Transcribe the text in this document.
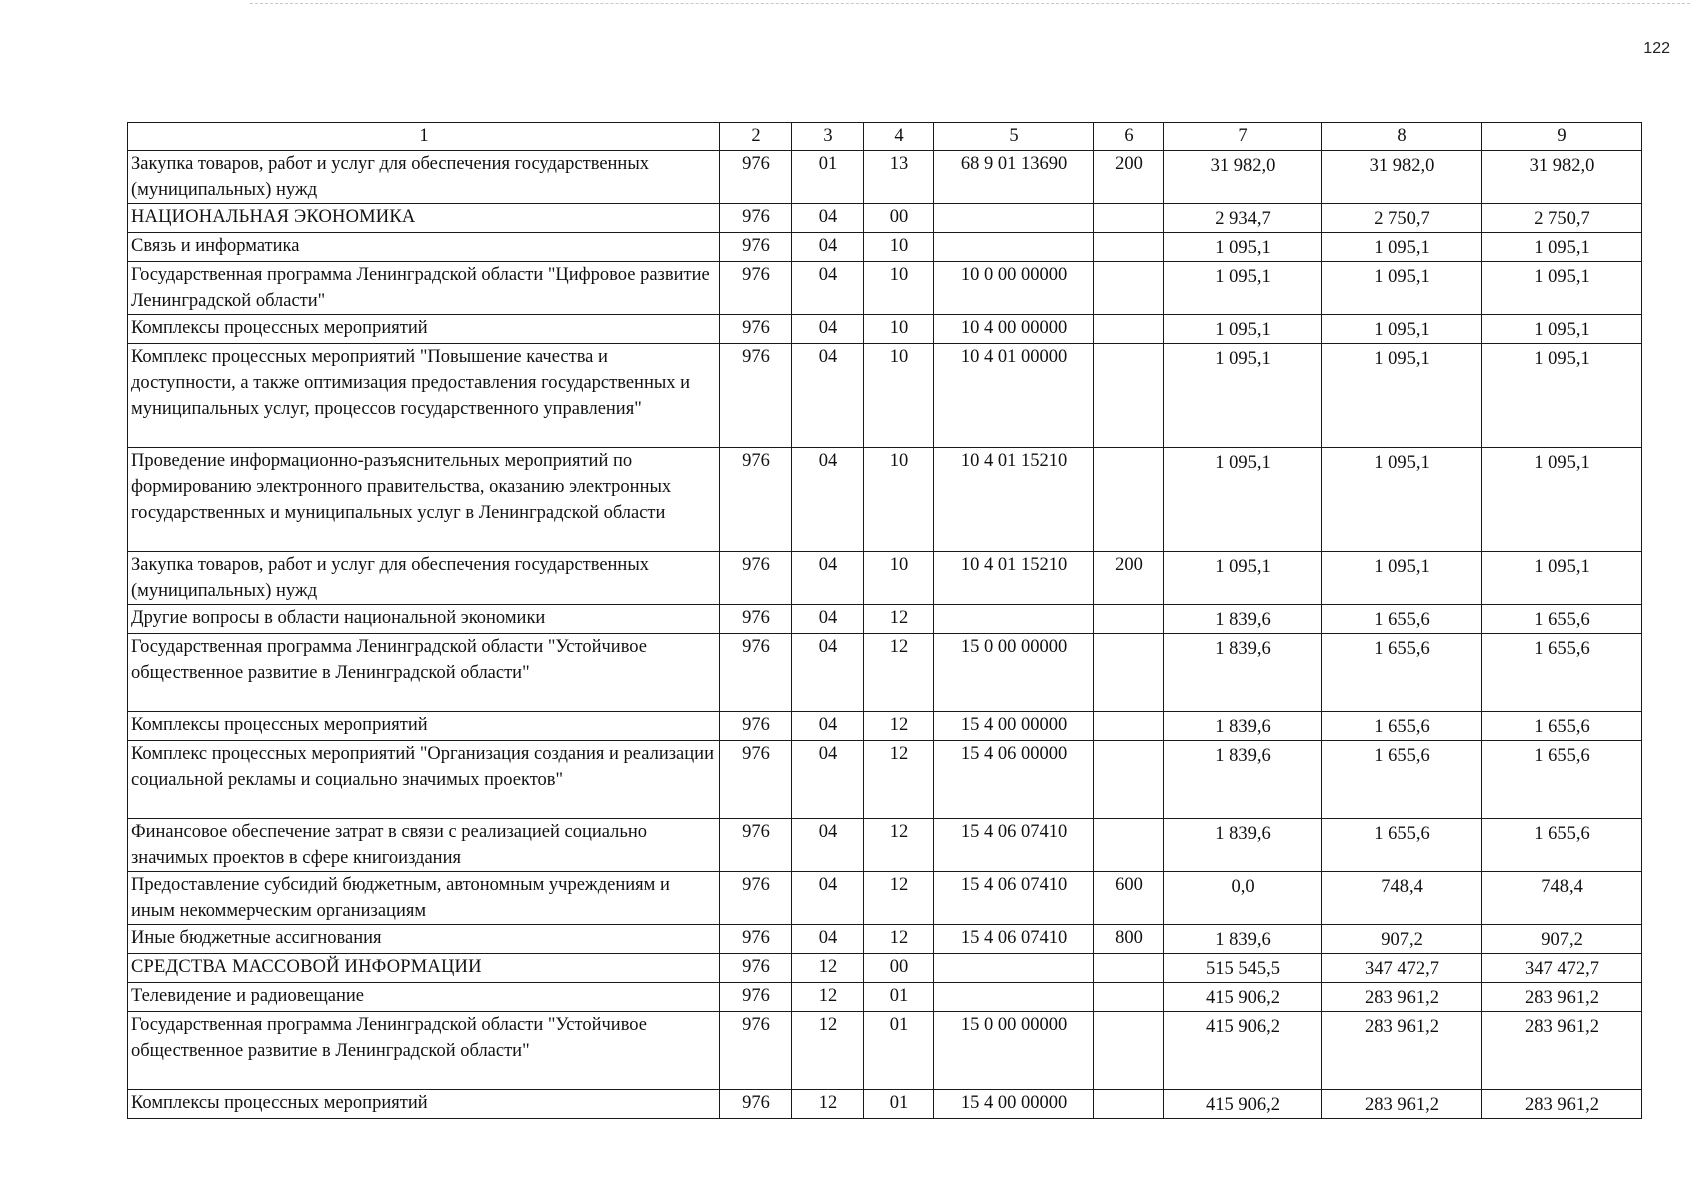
122
1	2	3	4	5	6	7	8	9
Закупка товаров, работ и услуг для обеспечения государственных (муниципальных) нужд	976	01	13	68 9 01 13690	200	31 982,0	31 982,0	31 982,0
НАЦИОНАЛЬНАЯ ЭКОНОМИКА	976	04	00			2 934,7	2 750,7	2 750,7
Связь и информатика	976	04	10			1 095,1	1 095,1	1 095,1
Государственная программа Ленинградской области "Цифровое развитие Ленинградской области"	976	04	10	10 0 00 00000		1 095,1	1 095,1	1 095,1
Комплексы процессных мероприятий	976	04	10	10 4 00 00000		1 095,1	1 095,1	1 095,1
Комплекс процессных мероприятий "Повышение качества и доступности, а также оптимизация предоставления государственных и муниципальных услуг, процессов государственного управления"	976	04	10	10 4 01 00000		1 095,1	1 095,1	1 095,1
Проведение информационно-разъяснительных мероприятий по формированию электронного правительства, оказанию электронных государственных и муниципальных услуг в Ленинградской области	976	04	10	10 4 01 15210		1 095,1	1 095,1	1 095,1
Закупка товаров, работ и услуг для обеспечения государственных (муниципальных) нужд	976	04	10	10 4 01 15210	200	1 095,1	1 095,1	1 095,1
Другие вопросы в области национальной экономики	976	04	12			1 839,6	1 655,6	1 655,6
Государственная программа Ленинградской области "Устойчивое общественное развитие в Ленинградской области"	976	04	12	15 0 00 00000		1 839,6	1 655,6	1 655,6
Комплексы процессных мероприятий	976	04	12	15 4 00 00000		1 839,6	1 655,6	1 655,6
Комплекс процессных мероприятий "Организация создания и реализации социальной рекламы и социально значимых проектов"	976	04	12	15 4 06 00000		1 839,6	1 655,6	1 655,6
Финансовое обеспечение затрат в связи с реализацией социально значимых проектов в сфере книгоиздания	976	04	12	15 4 06 07410		1 839,6	1 655,6	1 655,6
Предоставление субсидий бюджетным, автономным учреждениям и иным некоммерческим организациям	976	04	12	15 4 06 07410	600	0,0	748,4	748,4
Иные бюджетные ассигнования	976	04	12	15 4 06 07410	800	1 839,6	907,2	907,2
СРЕДСТВА МАССОВОЙ ИНФОРМАЦИИ	976	12	00			515 545,5	347 472,7	347 472,7
Телевидение и радиовещание	976	12	01			415 906,2	283 961,2	283 961,2
Государственная программа Ленинградской области "Устойчивое общественное развитие в Ленинградской области"	976	12	01	15 0 00 00000		415 906,2	283 961,2	283 961,2
Комплексы процессных мероприятий	976	12	01	15 4 00 00000		415 906,2	283 961,2	283 961,2
